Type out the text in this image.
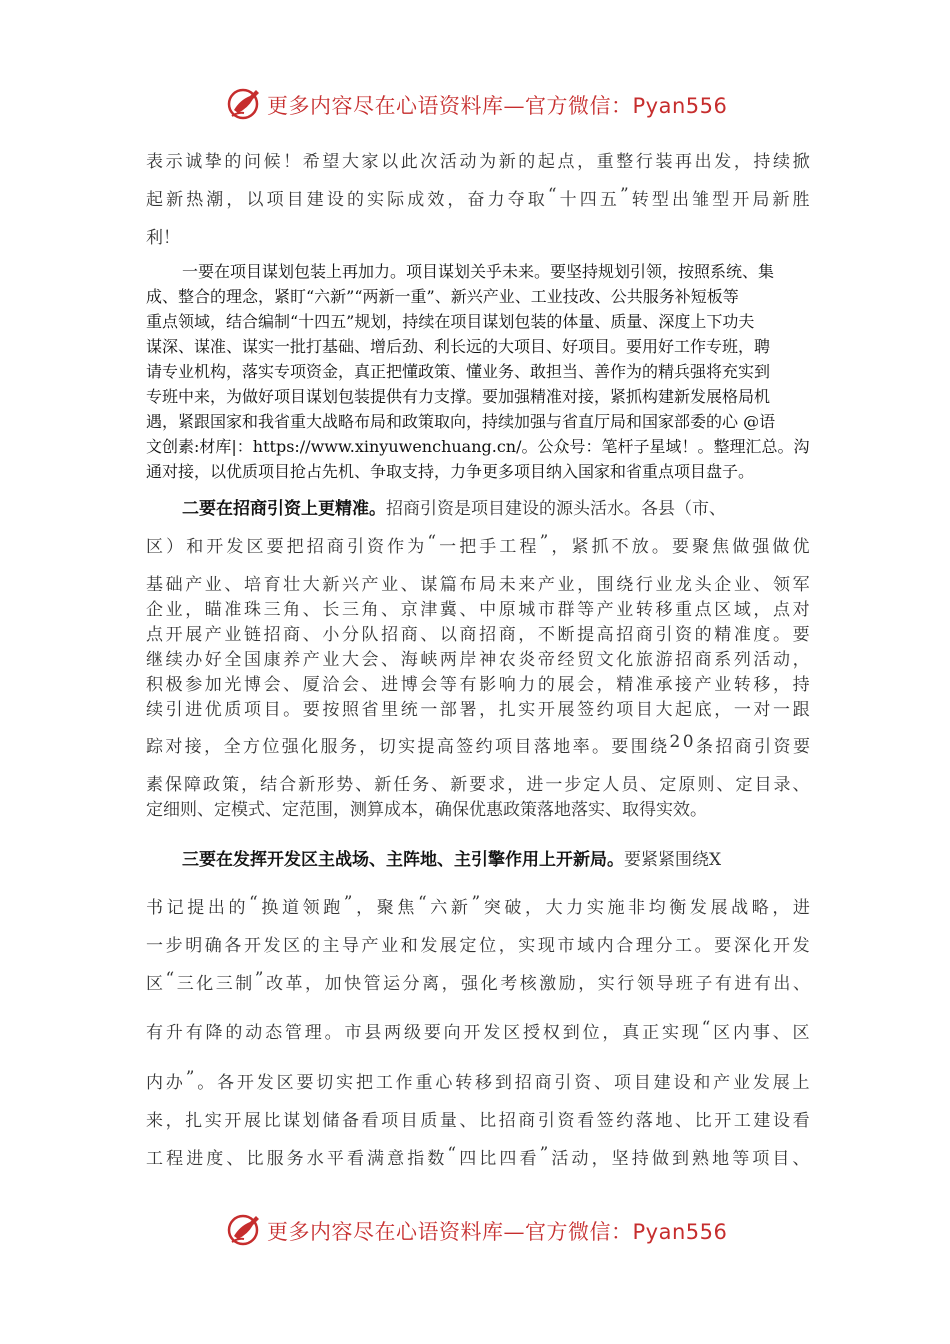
更多内容尽在心语资料库—官方微信：Pyan556
表 示 诚 挚 的 问 候 ！ 希 望 大 家 以 此 次 活 动 为 新 的 起 点 ， 重 整 行 装 再 出 发 ， 持 续 掀
起 新 热 潮 ， 以 项 目 建 设 的 实 际 成 效 ， 奋 力 夺 取 “ 十 四 五 ” 转 型 出 雏 型 开 局 新 胜
利！
一要在项目谋划包装上再加力。项目谋划关乎未来。要坚持规划引领，按照系统、集
成、整合的理念，紧盯“六新”“两新一重”、新兴产业、工业技改、公共服务补短板等
重点领域，结合编制“十四五”规划，持续在项目谋划包装的体量、质量、深度上下功夫
谋深、谋准、谋实一批打基础、增后劲、利长远的大项目、好项目。要用好工作专班，聘
请专业机构，落实专项资金，真正把懂政策、懂业务、敢担当、善作为的精兵强将充实到
专班中来，为做好项目谋划包装提供有力支撑。要加强精准对接，紧抓构建新发展格局机
遇，紧跟国家和我省重大战略布局和政策取向，持续加强与省直厅局和国家部委的心 @语
文创素:材库|：https://www.xinyuwenchuang.cn/。公众号：笔杆子星域！。整理汇总。沟
通对接，以优质项目抢占先机、争取支持，力争更多项目纳入国家和省重点项目盘子。
二要在招商引资上更精准。招商引资是项目建设的源头活水。各县（市、
区 ） 和 开 发 区 要 把 招 商 引 资 作 为 “ 一 把 手 工 程 ” ， 紧 抓 不 放 。 要 聚 焦 做 强 做 优
基 础 产 业 、 培 育 壮 大 新 兴 产 业 、 谋 篇 布 局 未 来 产 业 ， 围 绕 行 业 龙 头 企 业 、 领 军
企 业 ， 瞄 准 珠 三 角 、 长 三 角 、 京 津 冀 、 中 原 城 市 群 等 产 业 转 移 重 点 区 域 ， 点 对
点 开 展 产 业 链 招 商 、 小 分 队 招 商 、 以 商 招 商 ， 不 断 提 高 招 商 引 资 的 精 准 度 。 要
继 续 办 好 全 国 康 养 产 业 大 会 、 海 峡 两 岸 神 农 炎 帝 经 贸 文 化 旅 游 招 商 系 列 活 动 ，
积 极 参 加 光 博 会 、 厦 洽 会 、 进 博 会 等 有 影 响 力 的 展 会 ， 精 准 承 接 产 业 转 移 ， 持
续 引 进 优 质 项 目 。 要 按 照 省 里 统 一 部 署 ， 扎 实 开 展 签 约 项 目 大 起 底 ， 一 对 一 跟
踪 对 接 ， 全 方 位 强 化 服 务 ， 切 实 提 高 签 约 项 目 落 地 率 。 要 围 绕 2 0 条 招 商 引 资 要
素 保 障 政 策 ， 结 合 新 形 势 、 新 任 务 、 新 要 求 ， 进 一 步 定 人 员 、 定 原 则 、 定 目 录 、
定细则、定模式、定范围，测算成本，确保优惠政策落地落实、取得实效。
三要在发挥开发区主战场、主阵地、主引擎作用上开新局。要紧紧围绕X
书 记 提 出 的 “ 换 道 领 跑 ” ， 聚 焦 “ 六 新 ” 突 破 ， 大 力 实 施 非 均 衡 发 展 战 略 ， 进
一 步 明 确 各 开 发 区 的 主 导 产 业 和 发 展 定 位 ， 实 现 市 域 内 合 理 分 工 。 要 深 化 开 发
区 “ 三 化 三 制 ” 改 革 ， 加 快 管 运 分 离 ， 强 化 考 核 激 励 ， 实 行 领 导 班 子 有 进 有 出 、
有 升 有 降 的 动 态 管 理 。 市 县 两 级 要 向 开 发 区 授 权 到 位 ， 真 正 实 现 “ 区 内 事 、 区
内 办 ” 。 各 开 发 区 要 切 实 把 工 作 重 心 转 移 到 招 商 引 资 、 项 目 建 设 和 产 业 发 展 上
来 ， 扎 实 开 展 比 谋 划 储 备 看 项 目 质 量 、 比 招 商 引 资 看 签 约 落 地 、 比 开 工 建 设 看
工 程 进 度 、 比 服 务 水 平 看 满 意 指 数 “ 四 比 四 看 ” 活 动 ， 坚 持 做 到 熟 地 等 项 目 、
更多内容尽在心语资料库—官方微信：Pyan556
